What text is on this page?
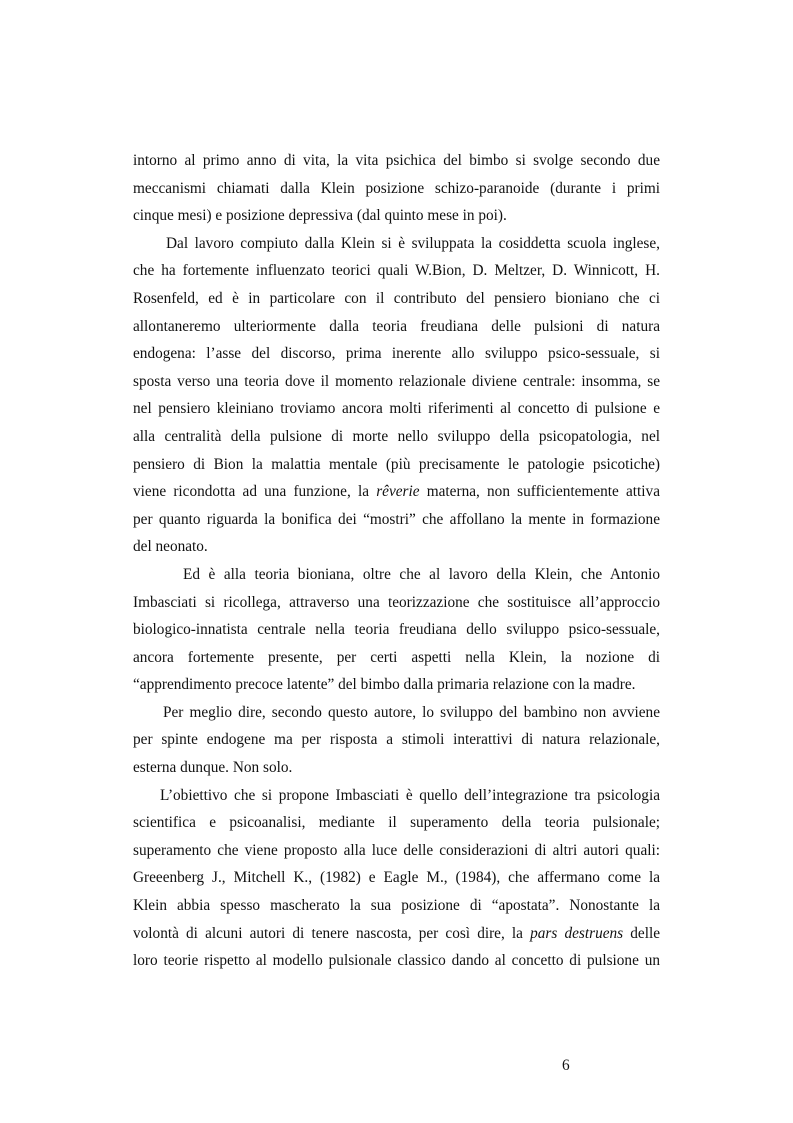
intorno al primo anno di vita, la vita psichica del bimbo si svolge secondo due
meccanismi chiamati dalla Klein posizione schizo-paranoide (durante i primi
cinque mesi) e posizione depressiva (dal quinto mese in poi).
Dal lavoro compiuto dalla Klein si è sviluppata la cosiddetta scuola inglese,
che ha fortemente influenzato teorici quali W.Bion, D. Meltzer, D. Winnicott, H.
Rosenfeld, ed è in particolare con il contributo del pensiero bioniano che ci
allontaneremo ulteriormente dalla teoria freudiana delle pulsioni di natura
endogena: l’asse del discorso, prima inerente allo sviluppo psico-sessuale, si
sposta verso una teoria dove il momento relazionale diviene centrale: insomma, se
nel pensiero kleiniano troviamo ancora molti riferimenti al concetto di pulsione e
alla centralità della pulsione di morte nello sviluppo della psicopatologia, nel
pensiero di Bion la malattia mentale (più precisamente le patologie psicotiche)
viene ricondotta ad una funzione, la rêverie materna, non sufficientemente attiva
per quanto riguarda la bonifica dei “mostri” che affollano la mente in formazione
del neonato.
Ed è alla teoria bioniana, oltre che al lavoro della Klein, che Antonio
Imbasciati si ricollega, attraverso una teorizzazione che sostituisce all’approccio
biologico-innatista centrale nella teoria freudiana dello sviluppo psico-sessuale,
ancora fortemente presente, per certi aspetti nella Klein, la nozione di
“apprendimento precoce latente” del bimbo dalla primaria relazione con la madre.
Per meglio dire, secondo questo autore, lo sviluppo del bambino non avviene
per spinte endogene ma per risposta a stimoli interattivi di natura relazionale,
esterna dunque. Non solo.
L’obiettivo che si propone Imbasciati è quello dell’integrazione tra psicologia
scientifica e psicoanalisi, mediante il superamento della teoria pulsionale;
superamento che viene proposto alla luce delle considerazioni di altri autori quali:
Greeenberg J., Mitchell K., (1982) e Eagle M., (1984), che affermano come la
Klein abbia spesso mascherato la sua posizione di “apostata”. Nonostante la
volontà di alcuni autori di tenere nascosta, per così dire, la pars destruens delle
loro teorie rispetto al modello pulsionale classico dando al concetto di pulsione un
6
